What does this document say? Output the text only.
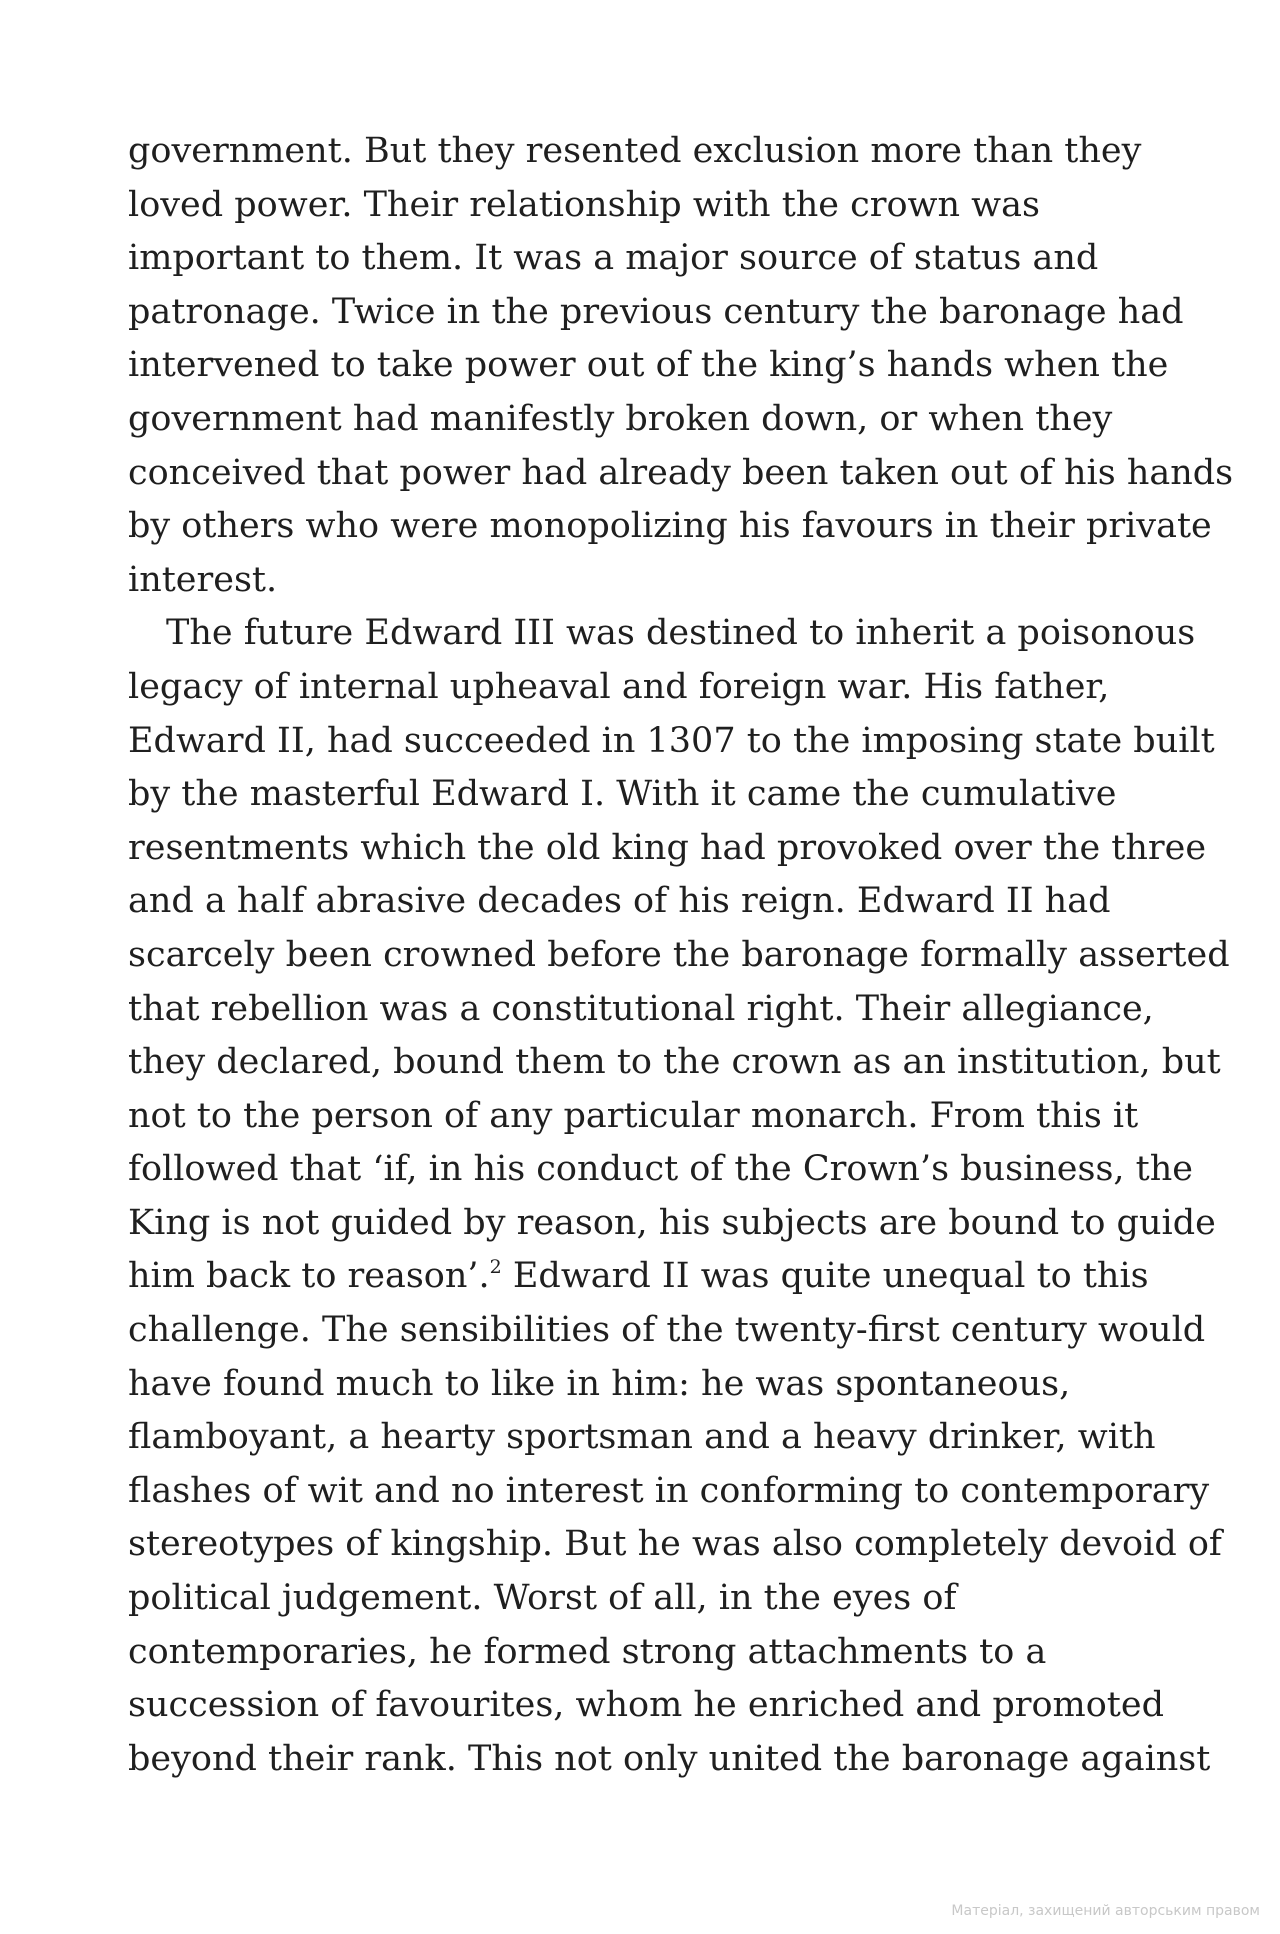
government. But they resented exclusion more than they
loved power. Their relationship with the crown was
important to them. It was a major source of status and
patronage. Twice in the previous century the baronage had
intervened to take power out of the king’s hands when the
government had manifestly broken down, or when they
conceived that power had already been taken out of his hands
by others who were monopolizing his favours in their private
interest.
The future Edward III was destined to inherit a poisonous
legacy of internal upheaval and foreign war. His father,
Edward II, had succeeded in 1307 to the imposing state built
by the masterful Edward I. With it came the cumulative
resentments which the old king had provoked over the three
and a half abrasive decades of his reign. Edward II had
scarcely been crowned before the baronage formally asserted
that rebellion was a constitutional right. Their allegiance,
they declared, bound them to the crown as an institution, but
not to the person of any particular monarch. From this it
followed that ‘if, in his conduct of the Crown’s business, the
King is not guided by reason, his subjects are bound to guide
him back to reason’.$^2$ Edward II was quite unequal to this
challenge. The sensibilities of the twenty-first century would
have found much to like in him: he was spontaneous,
flamboyant, a hearty sportsman and a heavy drinker, with
flashes of wit and no interest in conforming to contemporary
stereotypes of kingship. But he was also completely devoid of
political judgement. Worst of all, in the eyes of
contemporaries, he formed strong attachments to a
succession of favourites, whom he enriched and promoted
beyond their rank. This not only united the baronage against
Матеріал, захищений авторським правом
